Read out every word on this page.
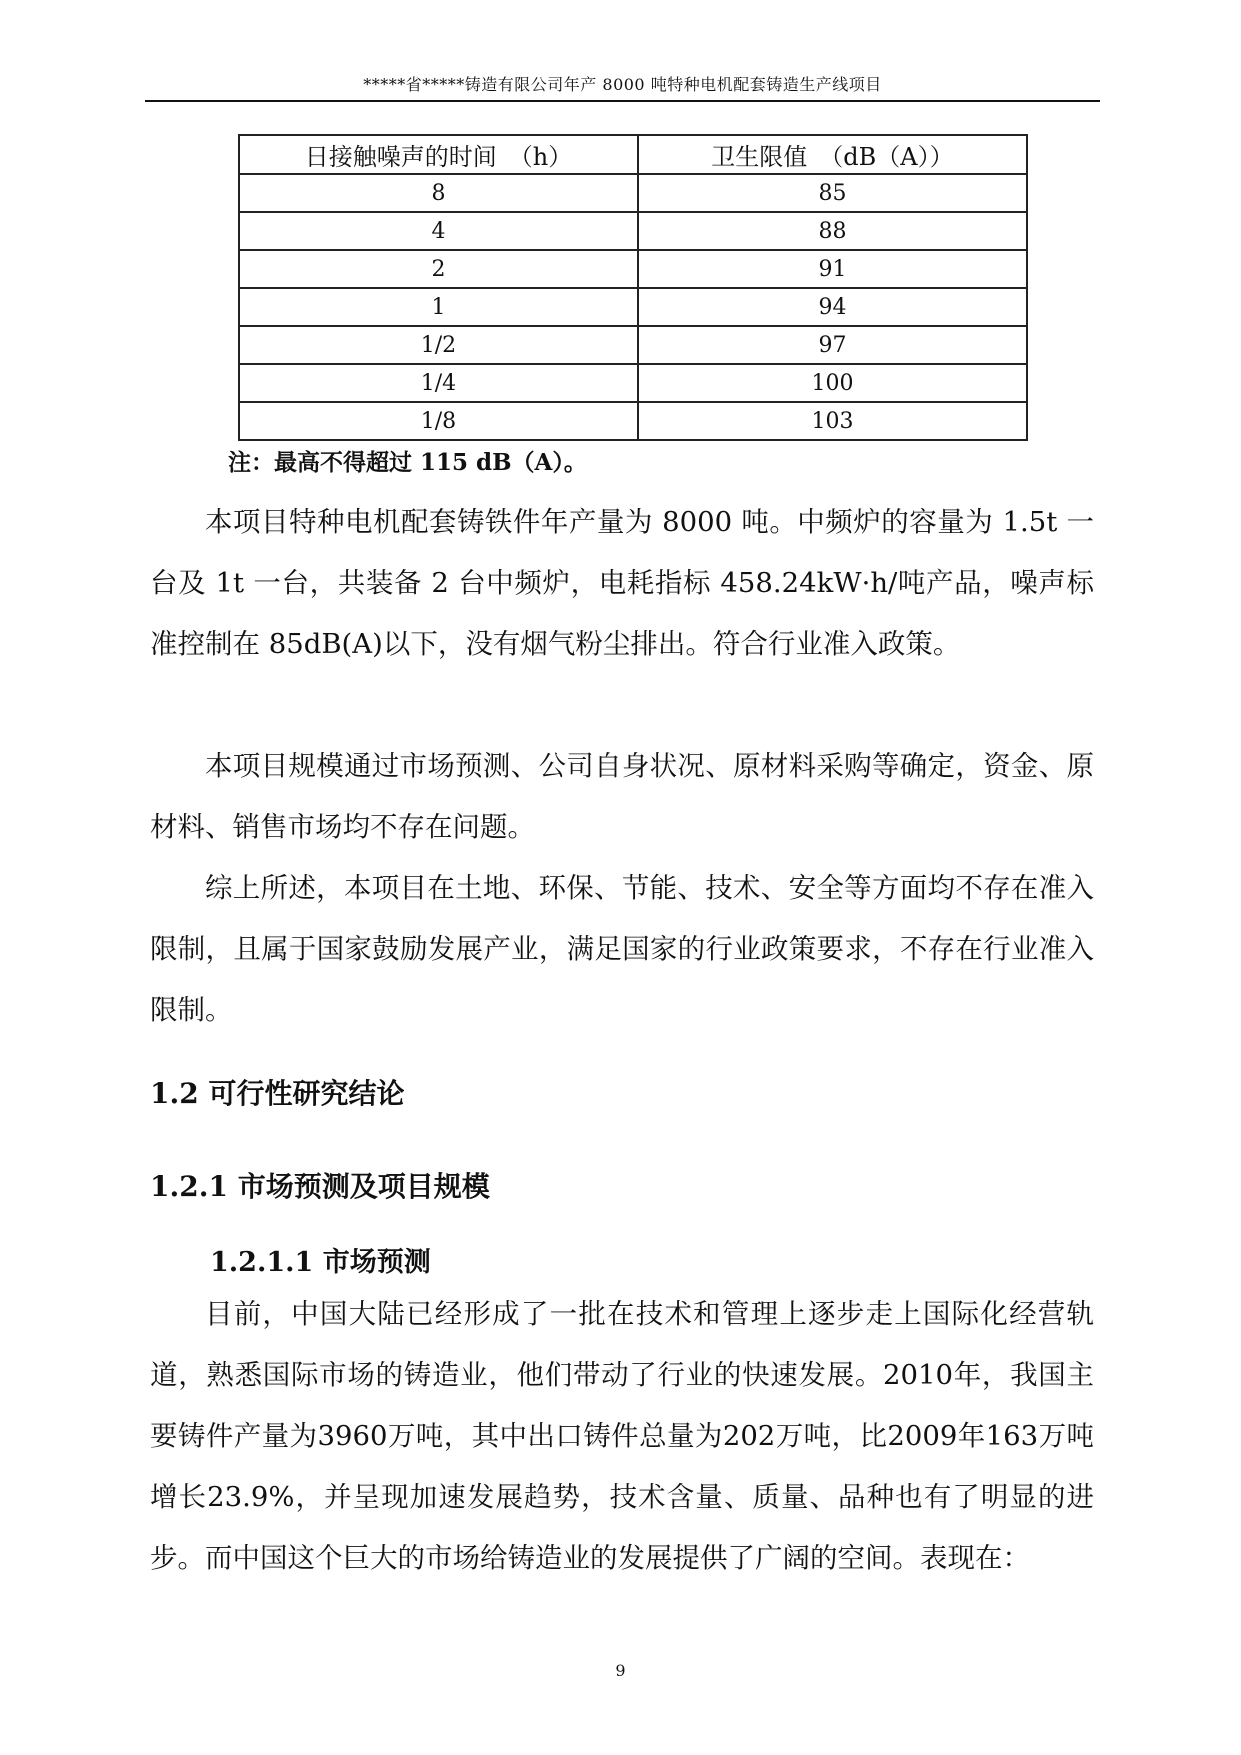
*****省*****铸造有限公司年产 8000 吨特种电机配套铸造生产线项目
日接触噪声的时间　（h）	卫生限值　（dB（A））
8	85
4	88
2	91
1	94
1/2	97
1/4	100
1/8	103
注：最高不得超过 115 dB（A）。

本项目特种电机配套铸铁件年产量为 8000 吨。中频炉的容量为 1.5t 一台及 1t 一台，共装备 2 台中频炉，电耗指标 458.24kW·h/吨产品，噪声标准控制在 85dB(A)以下，没有烟气粉尘排出。符合行业准入政策。

本项目规模通过市场预测、公司自身状况、原材料采购等确定，资金、原材料、销售市场均不存在问题。

综上所述，本项目在土地、环保、节能、技术、安全等方面均不存在准入限制，且属于国家鼓励发展产业，满足国家的行业政策要求，不存在行业准入限制。

1.2 可行性研究结论
1.2.1 市场预测及项目规模
1.2.1.1 市场预测

目前，中国大陆已经形成了一批在技术和管理上逐步走上国际化经营轨道，熟悉国际市场的铸造业，他们带动了行业的快速发展。2010年，我国主要铸件产量为3960万吨，其中出口铸件总量为202万吨，比2009年163万吨增长23.9%，并呈现加速发展趋势，技术含量、质量、品种也有了明显的进步。而中国这个巨大的市场给铸造业的发展提供了广阔的空间。表现在：

9
